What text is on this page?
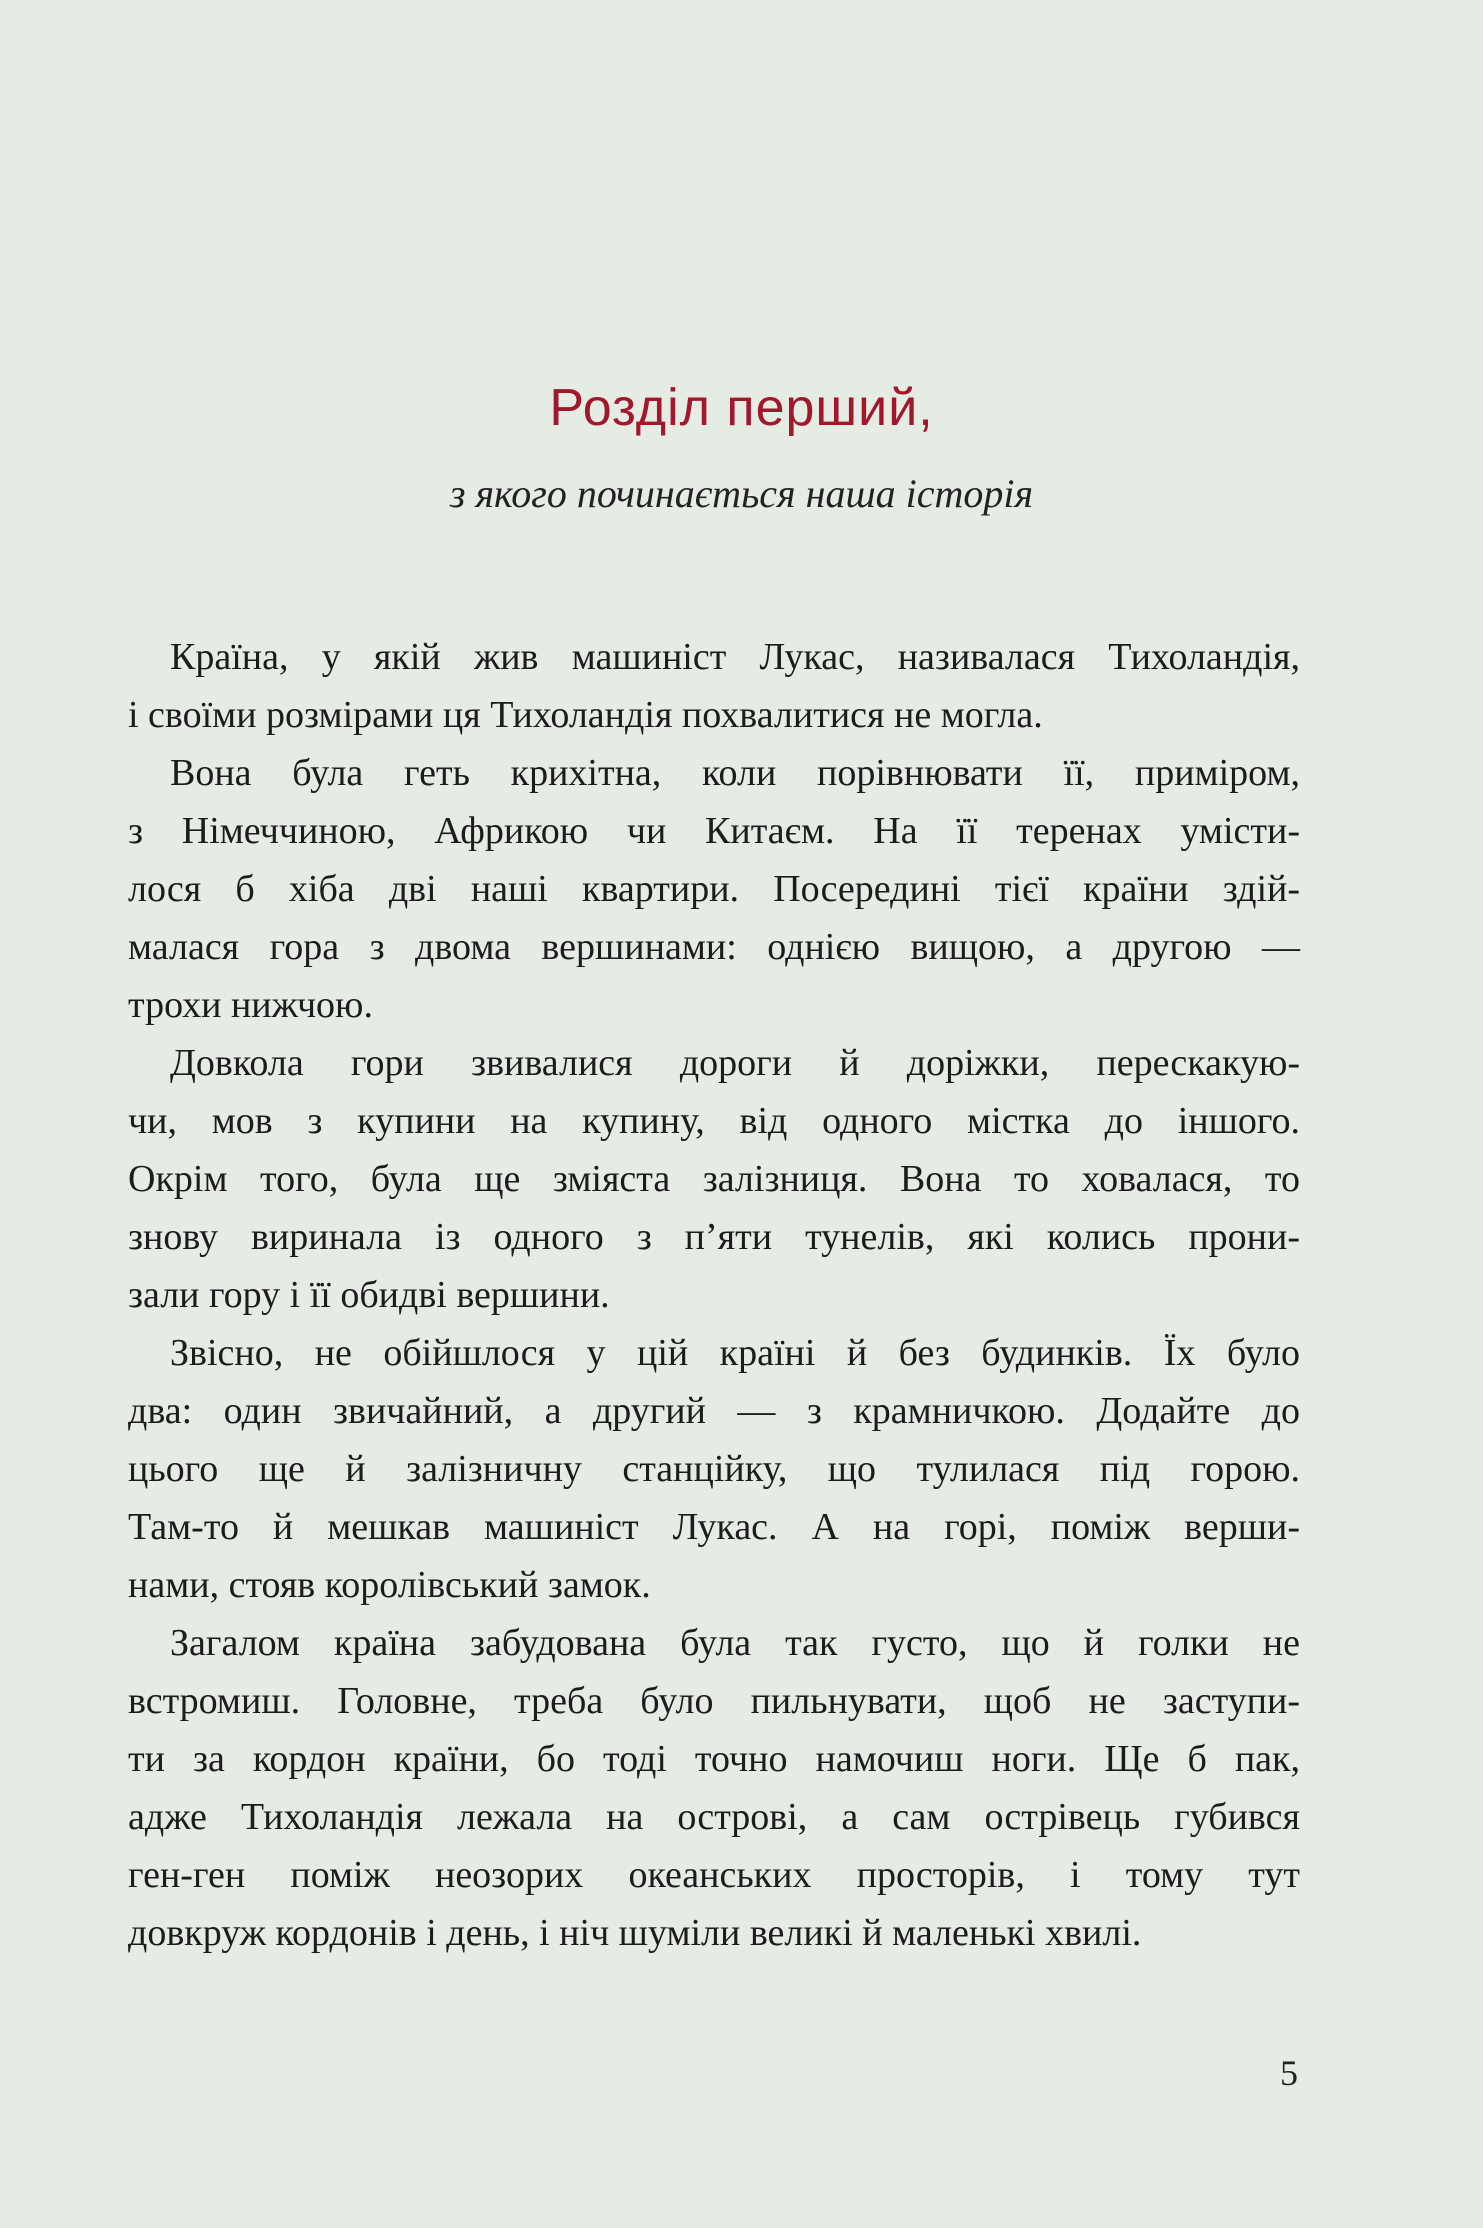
Розділ перший,
з якого починається наша історія
Країна, у якій жив машиніст Лукас, називалася Тихоландія,
і своїми розмірами ця Тихоландія похвалитися не могла.
Вона була геть крихітна, коли порівнювати її, приміром,
з Німеччиною, Африкою чи Китаєм. На її теренах умісти-
лося б хіба дві наші квартири. Посередині тієї країни здій-
малася гора з двома вершинами: однією вищою, а другою —
трохи нижчою.
Довкола гори звивалися дороги й доріжки, перескакую-
чи, мов з купини на купину, від одного містка до іншого.
Окрім того, була ще зміяста залізниця. Вона то ховалася, то
знову виринала із одного з п’яти тунелів, які колись прони-
зали гору і її обидві вершини.
Звісно, не обійшлося у цій країні й без будинків. Їх було
два: один звичайний, а другий — з крамничкою. Додайте до
цього ще й залізничну станційку, що тулилася під горою.
Там-то й мешкав машиніст Лукас. А на горі, поміж верши-
нами, стояв королівський замок.
Загалом країна забудована була так густо, що й голки не
встромиш. Головне, треба було пильнувати, щоб не заступи-
ти за кордон країни, бо тоді точно намочиш ноги. Ще б пак,
адже Тихоландія лежала на острові, а сам острівець губився
ген-ген поміж неозорих океанських просторів, і тому тут
довкруж кордонів і день, і ніч шуміли великі й маленькі хвилі.
5
